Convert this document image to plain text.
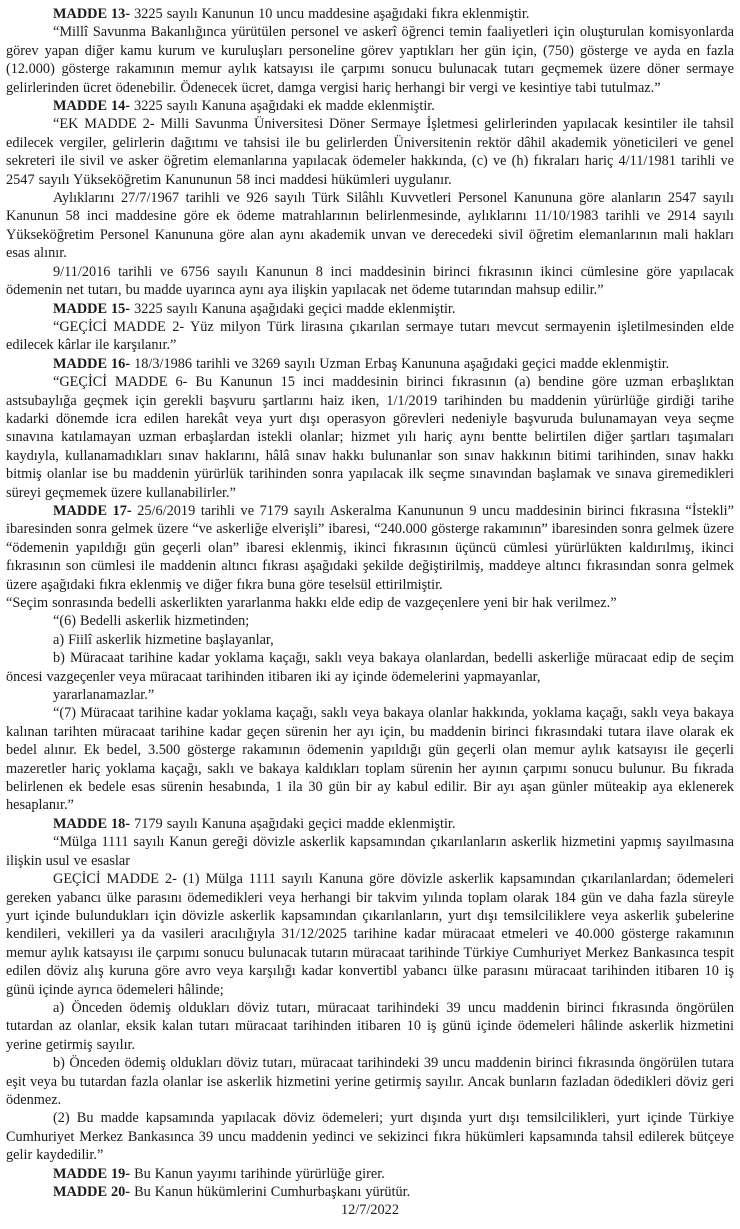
MADDE 13- 3225 sayılı Kanunun 10 uncu maddesine aşağıdaki fıkra eklenmiştir.

“Millî Savunma Bakanlığınca yürütülen personel ve askerî öğrenci temin faaliyetleri için oluşturulan komisyonlarda görev yapan diğer kamu kurum ve kuruluşları personeline görev yaptıkları her gün için, (750) gösterge ve ayda en fazla (12.000) gösterge rakamının memur aylık katsayısı ile çarpımı sonucu bulunacak tutarı geçmemek üzere döner sermaye gelirlerinden ücret ödenebilir. Ödenecek ücret, damga vergisi hariç herhangi bir vergi ve kesintiye tabi tutulmaz.”

MADDE 14- 3225 sayılı Kanuna aşağıdaki ek madde eklenmiştir.

“EK MADDE 2- Milli Savunma Üniversitesi Döner Sermaye İşletmesi gelirlerinden yapılacak kesintiler ile tahsil edilecek vergiler, gelirlerin dağıtımı ve tahsisi ile bu gelirlerden Üniversitenin rektör dâhil akademik yöneticileri ve genel sekreteri ile sivil ve asker öğretim elemanlarına yapılacak ödemeler hakkında, (c) ve (h) fıkraları hariç 4/11/1981 tarihli ve 2547 sayılı Yükseköğretim Kanununun 58 inci maddesi hükümleri uygulanır.

Aylıklarını 27/7/1967 tarihli ve 926 sayılı Türk Silâhlı Kuvvetleri Personel Kanununa göre alanların 2547 sayılı Kanunun 58 inci maddesine göre ek ödeme matrahlarının belirlenmesinde, aylıklarını 11/10/1983 tarihli ve 2914 sayılı Yükseköğretim Personel Kanununa göre alan aynı akademik unvan ve derecedeki sivil öğretim elemanlarının mali hakları esas alınır.

9/11/2016 tarihli ve 6756 sayılı Kanunun 8 inci maddesinin birinci fıkrasının ikinci cümlesine göre yapılacak ödemenin net tutarı, bu madde uyarınca aynı aya ilişkin yapılacak net ödeme tutarından mahsup edilir.”

MADDE 15- 3225 sayılı Kanuna aşağıdaki geçici madde eklenmiştir.

“GEÇİCİ MADDE 2- Yüz milyon Türk lirasına çıkarılan sermaye tutarı mevcut sermayenin işletilmesinden elde edilecek kârlar ile karşılanır.”

MADDE 16- 18/3/1986 tarihli ve 3269 sayılı Uzman Erbaş Kanununa aşağıdaki geçici madde eklenmiştir.

“GEÇİCİ MADDE 6- Bu Kanunun 15 inci maddesinin birinci fıkrasının (a) bendine göre uzman erbaşlıktan astsubaylığa geçmek için gerekli başvuru şartlarını haiz iken, 1/1/2019 tarihinden bu maddenin yürürlüğe girdiği tarihe kadarki dönemde icra edilen harekât veya yurt dışı operasyon görevleri nedeniyle başvuruda bulunamayan veya seçme sınavına katılamayan uzman erbaşlardan istekli olanlar; hizmet yılı hariç aynı bentte belirtilen diğer şartları taşımaları kaydıyla, kullanamadıkları sınav haklarını, hâlâ sınav hakkı bulunanlar son sınav hakkının bitimi tarihinden, sınav hakkı bitmiş olanlar ise bu maddenin yürürlük tarihinden sonra yapılacak ilk seçme sınavından başlamak ve sınava giremedikleri süreyi geçmemek üzere kullanabilirler.”

MADDE 17- 25/6/2019 tarihli ve 7179 sayılı Askeralma Kanununun 9 uncu maddesinin birinci fıkrasına “İstekli” ibaresinden sonra gelmek üzere “ve askerliğe elverişli” ibaresi, “240.000 gösterge rakamının” ibaresinden sonra gelmek üzere “ödemenin yapıldığı gün geçerli olan” ibaresi eklenmiş, ikinci fıkrasının üçüncü cümlesi yürürlükten kaldırılmış, ikinci fıkrasının son cümlesi ile maddenin altıncı fıkrası aşağıdaki şekilde değiştirilmiş, maddeye altıncı fıkrasından sonra gelmek üzere aşağıdaki fıkra eklenmiş ve diğer fıkra buna göre teselsül ettirilmiştir.

“Seçim sonrasında bedelli askerlikten yararlanma hakkı elde edip de vazgeçenlere yeni bir hak verilmez.”

“(6) Bedelli askerlik hizmetinden;

a) Fiilî askerlik hizmetine başlayanlar,

b) Müracaat tarihine kadar yoklama kaçağı, saklı veya bakaya olanlardan, bedelli askerliğe müracaat edip de seçim öncesi vazgeçenler veya müracaat tarihinden itibaren iki ay içinde ödemelerini yapmayanlar,

yararlanamazlar.”

“(7) Müracaat tarihine kadar yoklama kaçağı, saklı veya bakaya olanlar hakkında, yoklama kaçağı, saklı veya bakaya kalınan tarihten müracaat tarihine kadar geçen sürenin her ayı için, bu maddenin birinci fıkrasındaki tutara ilave olarak ek bedel alınır. Ek bedel, 3.500 gösterge rakamının ödemenin yapıldığı gün geçerli olan memur aylık katsayısı ile geçerli mazeretler hariç yoklama kaçağı, saklı ve bakaya kaldıkları toplam sürenin her ayının çarpımı sonucu bulunur. Bu fıkrada belirlenen ek bedele esas sürenin hesabında, 1 ila 30 gün bir ay kabul edilir. Bir ayı aşan günler müteakip aya eklenerek hesaplanır.”

MADDE 18- 7179 sayılı Kanuna aşağıdaki geçici madde eklenmiştir.

“Mülga 1111 sayılı Kanun gereği dövizle askerlik kapsamından çıkarılanların askerlik hizmetini yapmış sayılmasına ilişkin usul ve esaslar

GEÇİCİ MADDE 2- (1) Mülga 1111 sayılı Kanuna göre dövizle askerlik kapsamından çıkarılanlardan; ödemeleri gereken yabancı ülke parasını ödemedikleri veya herhangi bir takvim yılında toplam olarak 184 gün ve daha fazla süreyle yurt içinde bulundukları için dövizle askerlik kapsamından çıkarılanların, yurt dışı temsilciliklere veya askerlik şubelerine kendileri, vekilleri ya da vasileri aracılığıyla 31/12/2025 tarihine kadar müracaat etmeleri ve 40.000 gösterge rakamının memur aylık katsayısı ile çarpımı sonucu bulunacak tutarın müracaat tarihinde Türkiye Cumhuriyet Merkez Bankasınca tespit edilen döviz alış kuruna göre avro veya karşılığı kadar konvertibl yabancı ülke parasını müracaat tarihinden itibaren 10 iş günü içinde ayrıca ödemeleri hâlinde;

a) Önceden ödemiş oldukları döviz tutarı, müracaat tarihindeki 39 uncu maddenin birinci fıkrasında öngörülen tutardan az olanlar, eksik kalan tutarı müracaat tarihinden itibaren 10 iş günü içinde ödemeleri hâlinde askerlik hizmetini yerine getirmiş sayılır.

b) Önceden ödemiş oldukları döviz tutarı, müracaat tarihindeki 39 uncu maddenin birinci fıkrasında öngörülen tutara eşit veya bu tutardan fazla olanlar ise askerlik hizmetini yerine getirmiş sayılır. Ancak bunların fazladan ödedikleri döviz geri ödenmez.

(2) Bu madde kapsamında yapılacak döviz ödemeleri; yurt dışında yurt dışı temsilcilikleri, yurt içinde Türkiye Cumhuriyet Merkez Bankasınca 39 uncu maddenin yedinci ve sekizinci fıkra hükümleri kapsamında tahsil edilerek bütçeye gelir kaydedilir.”

MADDE 19- Bu Kanun yayımı tarihinde yürürlüğe girer.

MADDE 20- Bu Kanun hükümlerini Cumhurbaşkanı yürütür.

12/7/2022
